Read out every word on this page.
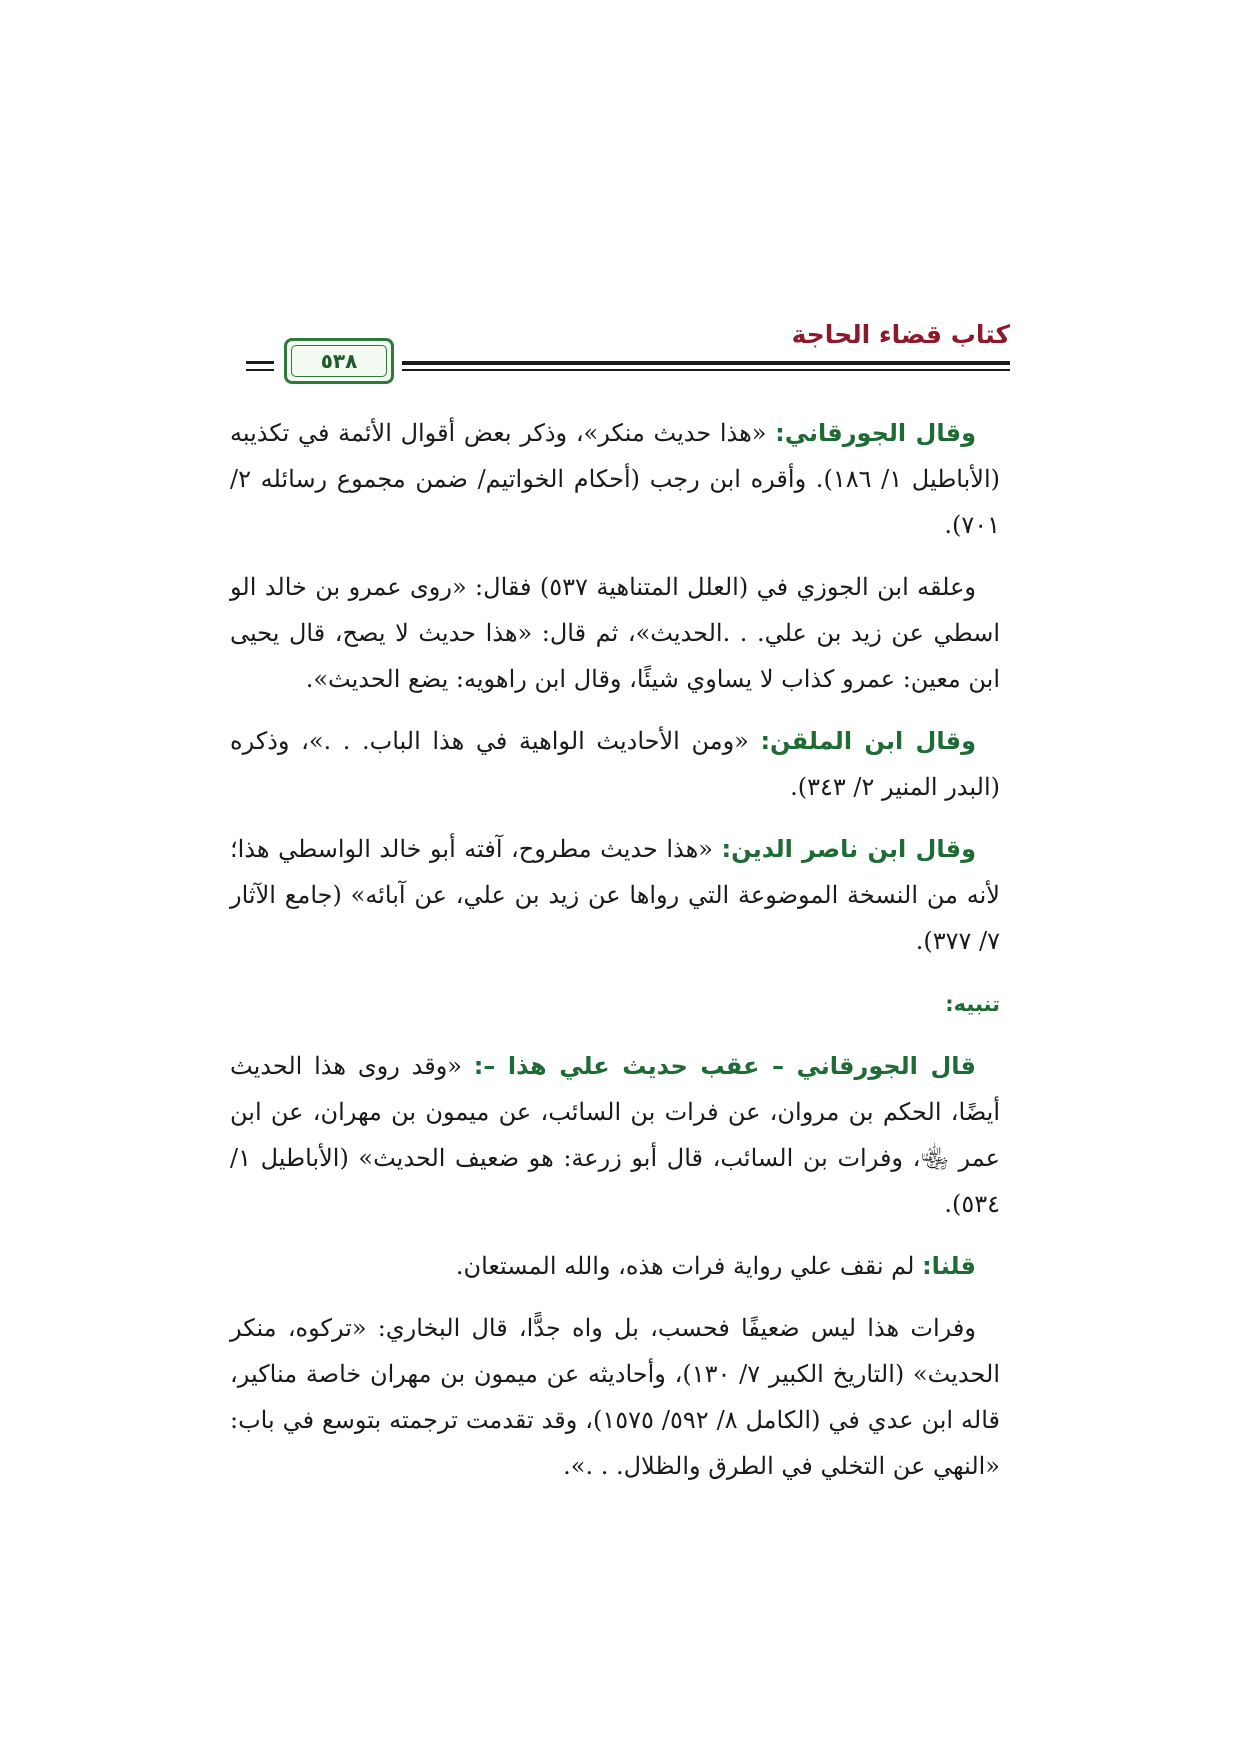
كتاب قضاء الحاجة
٥٣٨

وقال الجورقاني: «هذا حديث منكر»، وذكر بعض أقوال الأئمة في تكذيبه (الأباطيل ١/ ١٨٦). وأقره ابن رجب (أحكام الخواتيم/ ضمن مجموع رسائله ٢/ ٧٠١).

وعلقه ابن الجوزي في (العلل المتناهية ٥٣٧) فقال: «روى عمرو بن خالد الو اسطي عن زيد بن علي. . .الحديث»، ثم قال: «هذا حديث لا يصح، قال يحيى ابن معين: عمرو كذاب لا يساوي شيئًا، وقال ابن راهويه: يضع الحديث».

وقال ابن الملقن: «ومن الأحاديث الواهية في هذا الباب. . .»، وذكره (البدر المنير ٢/ ٣٤٣).

وقال ابن ناصر الدين: «هذا حديث مطروح، آفته أبو خالد الواسطي هذا؛ لأنه من النسخة الموضوعة التي رواها عن زيد بن علي، عن آبائه» (جامع الآثار ٧/ ٣٧٧).

تنبيه:

قال الجورقاني – عقب حديث علي هذا –: «وقد روى هذا الحديث أيضًا، الحكم بن مروان، عن فرات بن السائب، عن ميمون بن مهران، عن ابن عمر ﵄، وفرات بن السائب، قال أبو زرعة: هو ضعيف الحديث» (الأباطيل ١/ ٥٣٤).

قلنا: لم نقف علي رواية فرات هذه، والله المستعان.

وفرات هذا ليس ضعيفًا فحسب، بل واه جدًّا، قال البخاري: «تركوه، منكر الحديث» (التاريخ الكبير ٧/ ١٣٠)، وأحاديثه عن ميمون بن مهران خاصة مناكير، قاله ابن عدي في (الكامل ٨/ ٥٩٢/ ١٥٧٥)، وقد تقدمت ترجمته بتوسع في باب: «النهي عن التخلي في الطرق والظلال. . .».
